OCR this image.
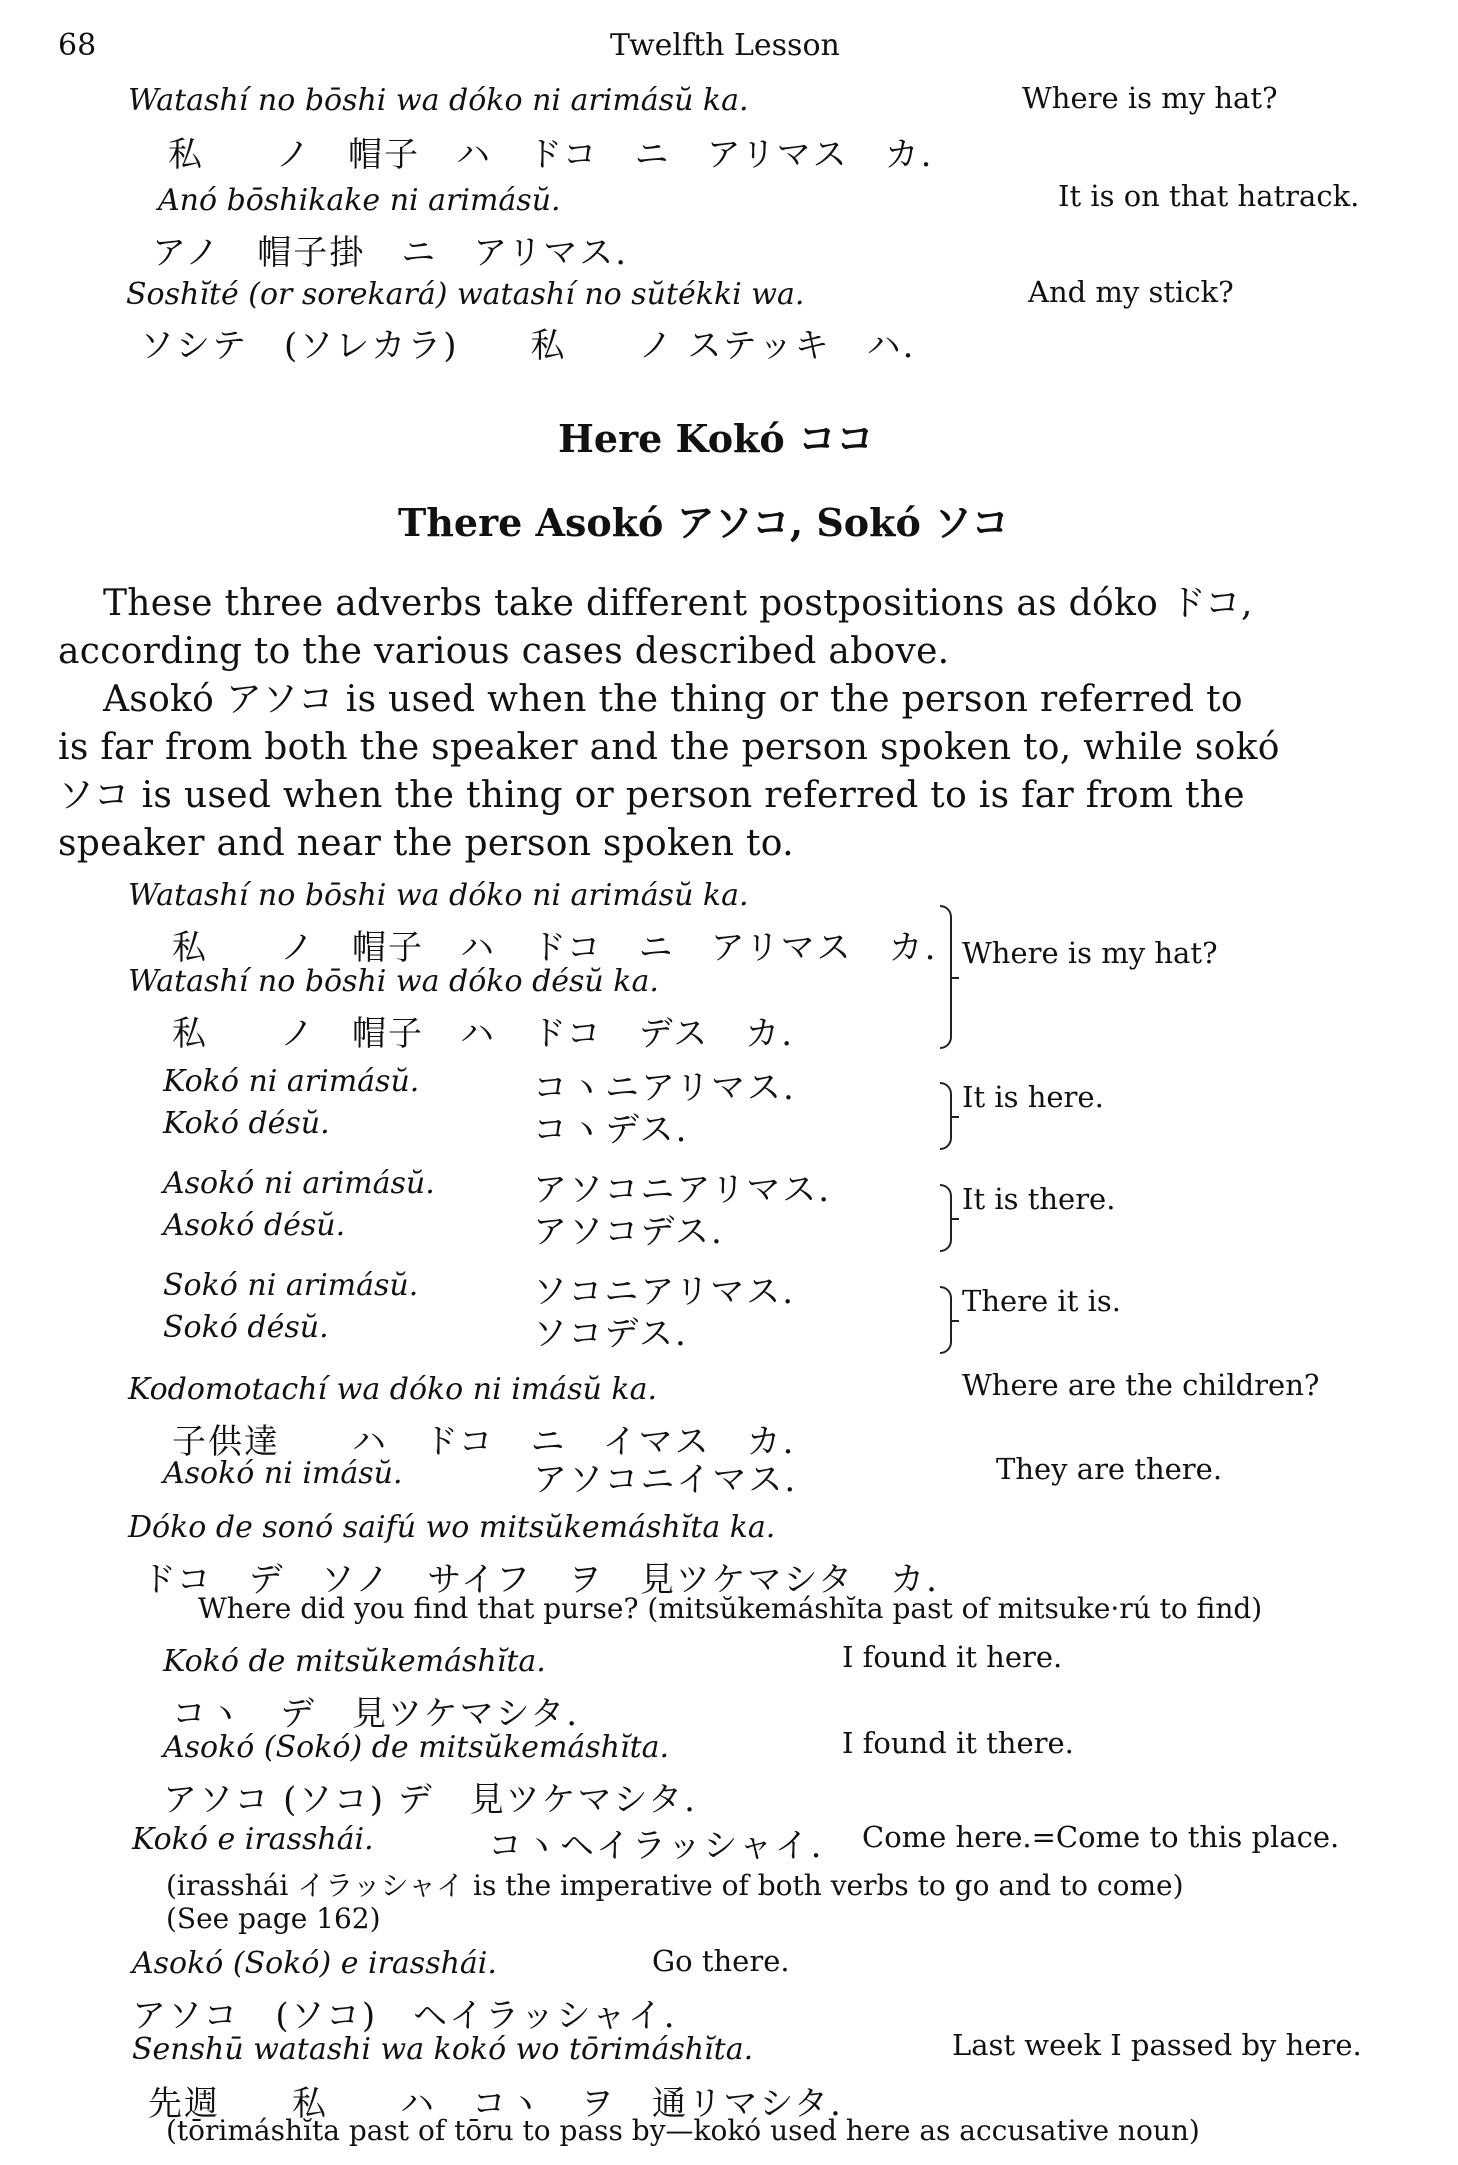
68	Twelfth Lesson
Watashí no bōshi wa dóko ni arimásŭ ka.	Where is my hat?
私　　ノ　帽子　ハ　ドコ　ニ　アリマス　カ.
Anó bōshikake ni arimásŭ.	It is on that hatrack.
アノ　帽子掛　ニ　アリマス.
Soshĭté (or sorekará) watashí no sŭtékki wa.	And my stick?
ソシテ　(ソレカラ)　　私　　ノ ステッキ　ハ.
Here Kokó ココ
There Asokó アソコ, Sokó ソコ
These three adverbs take different postpositions as dóko ドコ,
according to the various cases described above.
Asokó アソコ is used when the thing or the person referred to
is far from both the speaker and the person spoken to, while sokó
ソコ is used when the thing or person referred to is far from the
speaker and near the person spoken to.
Watashí no bōshi wa dóko ni arimásŭ ka.
私　　ノ　帽子　ハ　ドコ　ニ　アリマス　カ.
Watashí no bōshi wa dóko désŭ ka.
私　　ノ　帽子　ハ　ドコ　デス　カ.
Where is my hat?
Kokó ni arimásŭ.	コヽニアリマス.
Kokó désŭ.	コヽデス.
It is here.
Asokó ni arimásŭ.	アソコニアリマス.
Asokó désŭ.	アソコデス.
It is there.
Sokó ni arimásŭ.	ソコニアリマス.
Sokó désŭ.	ソコデス.
There it is.
Kodomotachí wa dóko ni imásŭ ka.	Where are the children?
子供達　　ハ　ドコ　ニ　イマス　カ.
Asokó ni imásŭ.	アソコニイマス.	They are there.
Dóko de sonó saifú wo mitsŭkemáshĭta ka.
ドコ　デ　ソノ　サイフ　ヲ　見ツケマシタ　カ.
Where did you find that purse? (mitsŭkemáshĭta past of mitsuke·rú to find)
Kokó de mitsŭkemáshĭta.	I found it here.
コヽ　デ　見ツケマシタ.
Asokó (Sokó) de mitsŭkemáshĭta.	I found it there.
アソコ (ソコ) デ　見ツケマシタ.
Kokó e irasshái.	コヽヘイラッシャイ. Come here.=Come to this place.
(irasshái イラッシャイ is the imperative of both verbs to go and to come)
(See page 162)
Asokó (Sokó) e irasshái.	Go there.
アソコ　(ソコ)　ヘイラッシャイ.
Senshū watashi wa kokó wo tōrimáshĭta.	Last week I passed by here.
先週　　私　　ハ　コヽ　ヲ　通リマシタ.
(tōrimáshĭta past of tōru to pass by—kokó used here as accusative noun)
